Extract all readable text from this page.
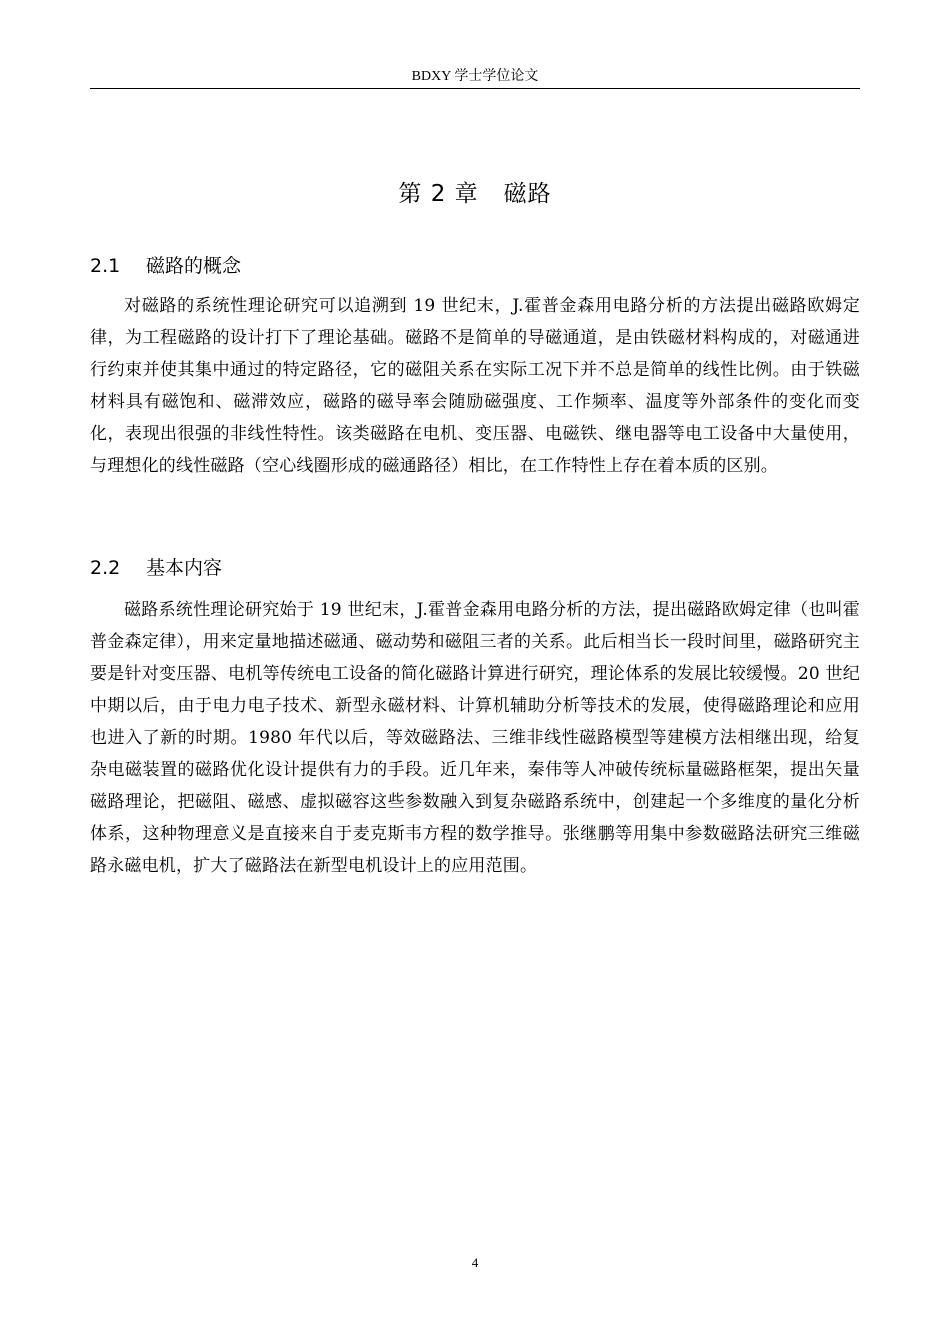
BDXY 学士学位论文
第 2 章 磁路
2.1 磁路的概念

对磁路的系统性理论研究可以追溯到 19 世纪末，J.霍普金森用电路分析的方法提出磁路欧姆定律，为工程磁路的设计打下了理论基础。磁路不是简单的导磁通道，是由铁磁材料构成的，对磁通进行约束并使其集中通过的特定路径，它的磁阻关系在实际工况下并不总是简单的线性比例。由于铁磁材料具有磁饱和、磁滞效应，磁路的磁导率会随励磁强度、工作频率、温度等外部条件的变化而变化，表现出很强的非线性特性。该类磁路在电机、变压器、电磁铁、继电器等电工设备中大量使用，与理想化的线性磁路（空心线圈形成的磁通路径）相比，在工作特性上存在着本质的区别。

2.2 基本内容

磁路系统性理论研究始于 19 世纪末，J.霍普金森用电路分析的方法，提出磁路欧姆定律（也叫霍普金森定律），用来定量地描述磁通、磁动势和磁阻三者的关系。此后相当长一段时间里，磁路研究主要是针对变压器、电机等传统电工设备的简化磁路计算进行研究，理论体系的发展比较缓慢。20 世纪中期以后，由于电力电子技术、新型永磁材料、计算机辅助分析等技术的发展，使得磁路理论和应用也进入了新的时期。1980 年代以后，等效磁路法、三维非线性磁路模型等建模方法相继出现，给复杂电磁装置的磁路优化设计提供有力的手段。近几年来，秦伟等人冲破传统标量磁路框架，提出矢量磁路理论，把磁阻、磁感、虚拟磁容这些参数融入到复杂磁路系统中，创建起一个多维度的量化分析体系，这种物理意义是直接来自于麦克斯韦方程的数学推导。张继鹏等用集中参数磁路法研究三维磁路永磁电机，扩大了磁路法在新型电机设计上的应用范围。

4
